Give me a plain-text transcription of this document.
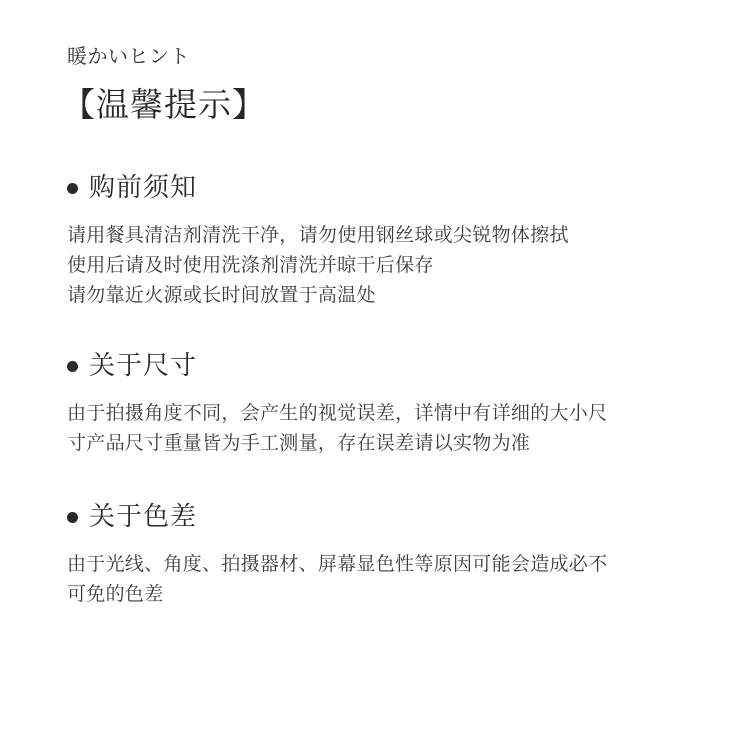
暖かいヒント
【温馨提示】
购前须知
请用餐具清洁剂清洗干净，请勿使用钢丝球或尖锐物体擦拭
使用后请及时使用洗涤剂清洗并晾干后保存
请勿靠近火源或长时间放置于高温处
关于尺寸
由于拍摄角度不同，会产生的视觉误差，详情中有详细的大小尺
寸产品尺寸重量皆为手工测量，存在误差请以实物为准
关于色差
由于光线、角度、拍摄器材、屏幕显色性等原因可能会造成必不
可免的色差
